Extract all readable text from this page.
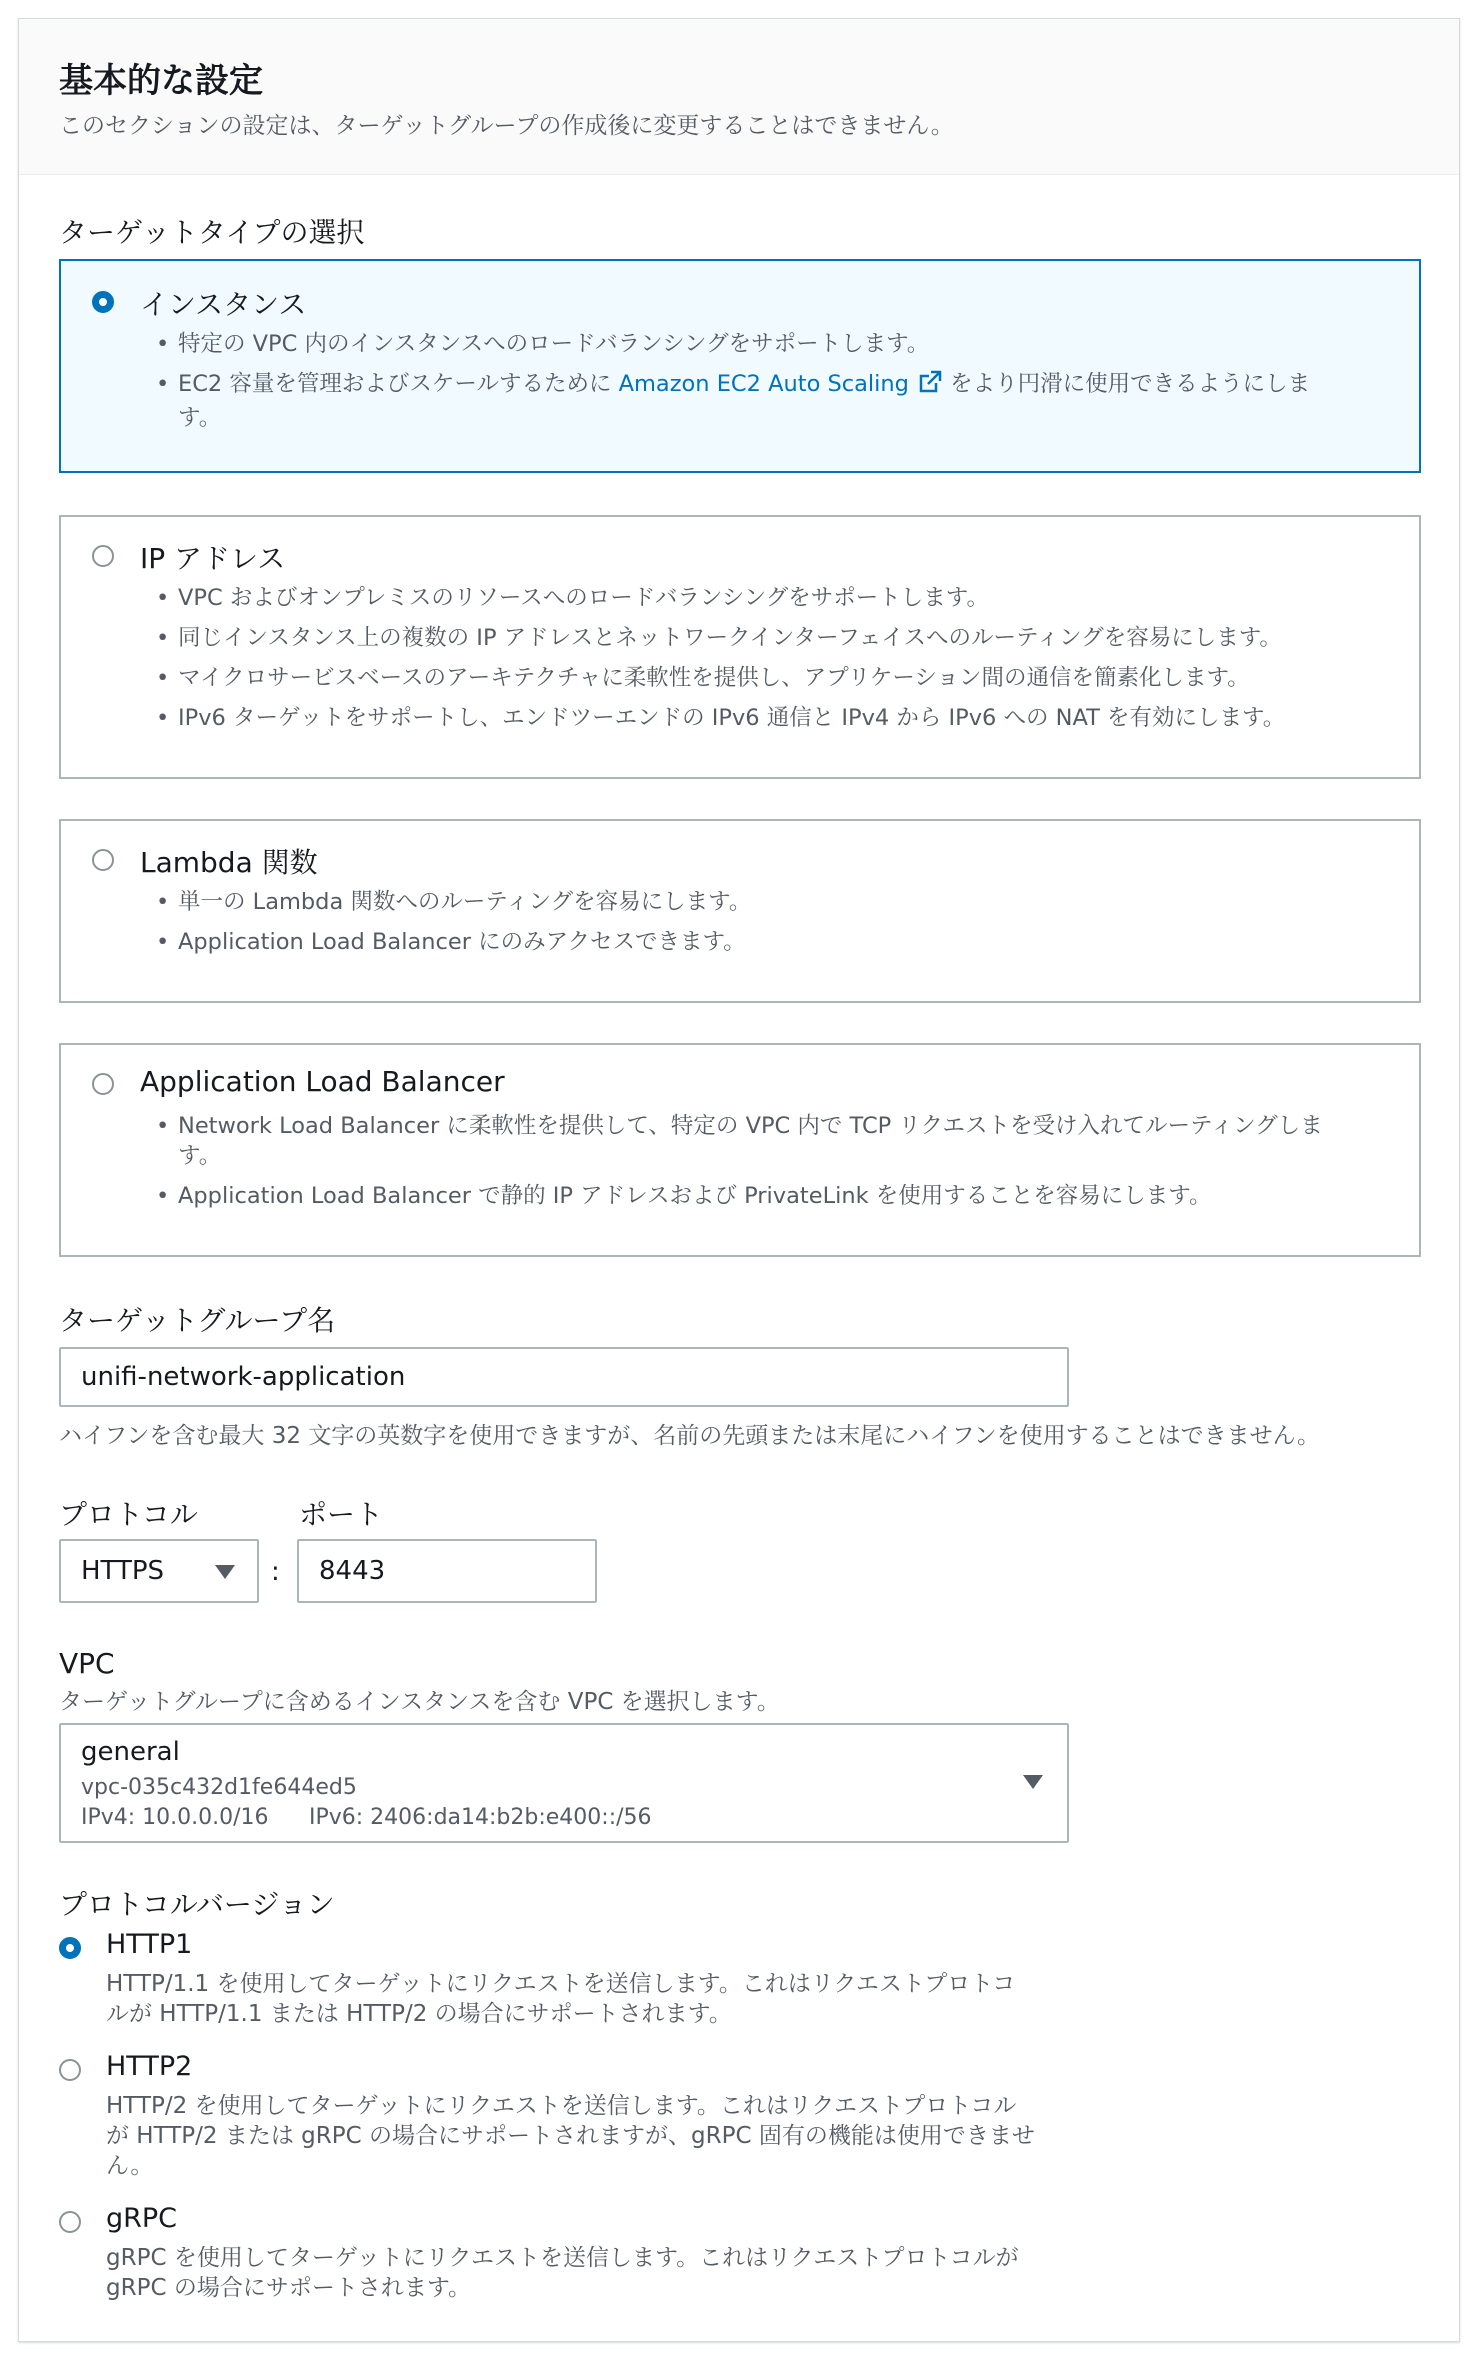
基本的な設定
このセクションの設定は、ターゲットグループの作成後に変更することはできません。
ターゲットタイプの選択
インスタンス
• 特定の VPC 内のインスタンスへのロードバランシングをサポートします。
• EC2 容量を管理およびスケールするために Amazon EC2 Auto Scaling をより円滑に使用できるようにしま
す。
IP アドレス
• VPC およびオンプレミスのリソースへのロードバランシングをサポートします。
• 同じインスタンス上の複数の IP アドレスとネットワークインターフェイスへのルーティングを容易にします。
• マイクロサービスベースのアーキテクチャに柔軟性を提供し、アプリケーション間の通信を簡素化します。
• IPv6 ターゲットをサポートし、エンドツーエンドの IPv6 通信と IPv4 から IPv6 への NAT を有効にします。
Lambda 関数
• 単一の Lambda 関数へのルーティングを容易にします。
• Application Load Balancer にのみアクセスできます。
Application Load Balancer
• Network Load Balancer に柔軟性を提供して、特定の VPC 内で TCP リクエストを受け入れてルーティングしま
す。
• Application Load Balancer で静的 IP アドレスおよび PrivateLink を使用することを容易にします。
ターゲットグループ名
unifi-network-application
ハイフンを含む最大 32 文字の英数字を使用できますが、名前の先頭または末尾にハイフンを使用することはできません。
プロトコル	ポート
HTTPS	:
8443
VPC
ターゲットグループに含めるインスタンスを含む VPC を選択します。
general
vpc-035c432d1fe644ed5
IPv4: 10.0.0.0/16 IPv6: 2406:da14:b2b:e400::/56
プロトコルバージョン
HTTP1
HTTP/1.1 を使用してターゲットにリクエストを送信します。これはリクエストプロトコ
ルが HTTP/1.1 または HTTP/2 の場合にサポートされます。
HTTP2
HTTP/2 を使用してターゲットにリクエストを送信します。これはリクエストプロトコル
が HTTP/2 または gRPC の場合にサポートされますが、gRPC 固有の機能は使用できませ
ん。
gRPC
gRPC を使用してターゲットにリクエストを送信します。これはリクエストプロトコルが
gRPC の場合にサポートされます。
